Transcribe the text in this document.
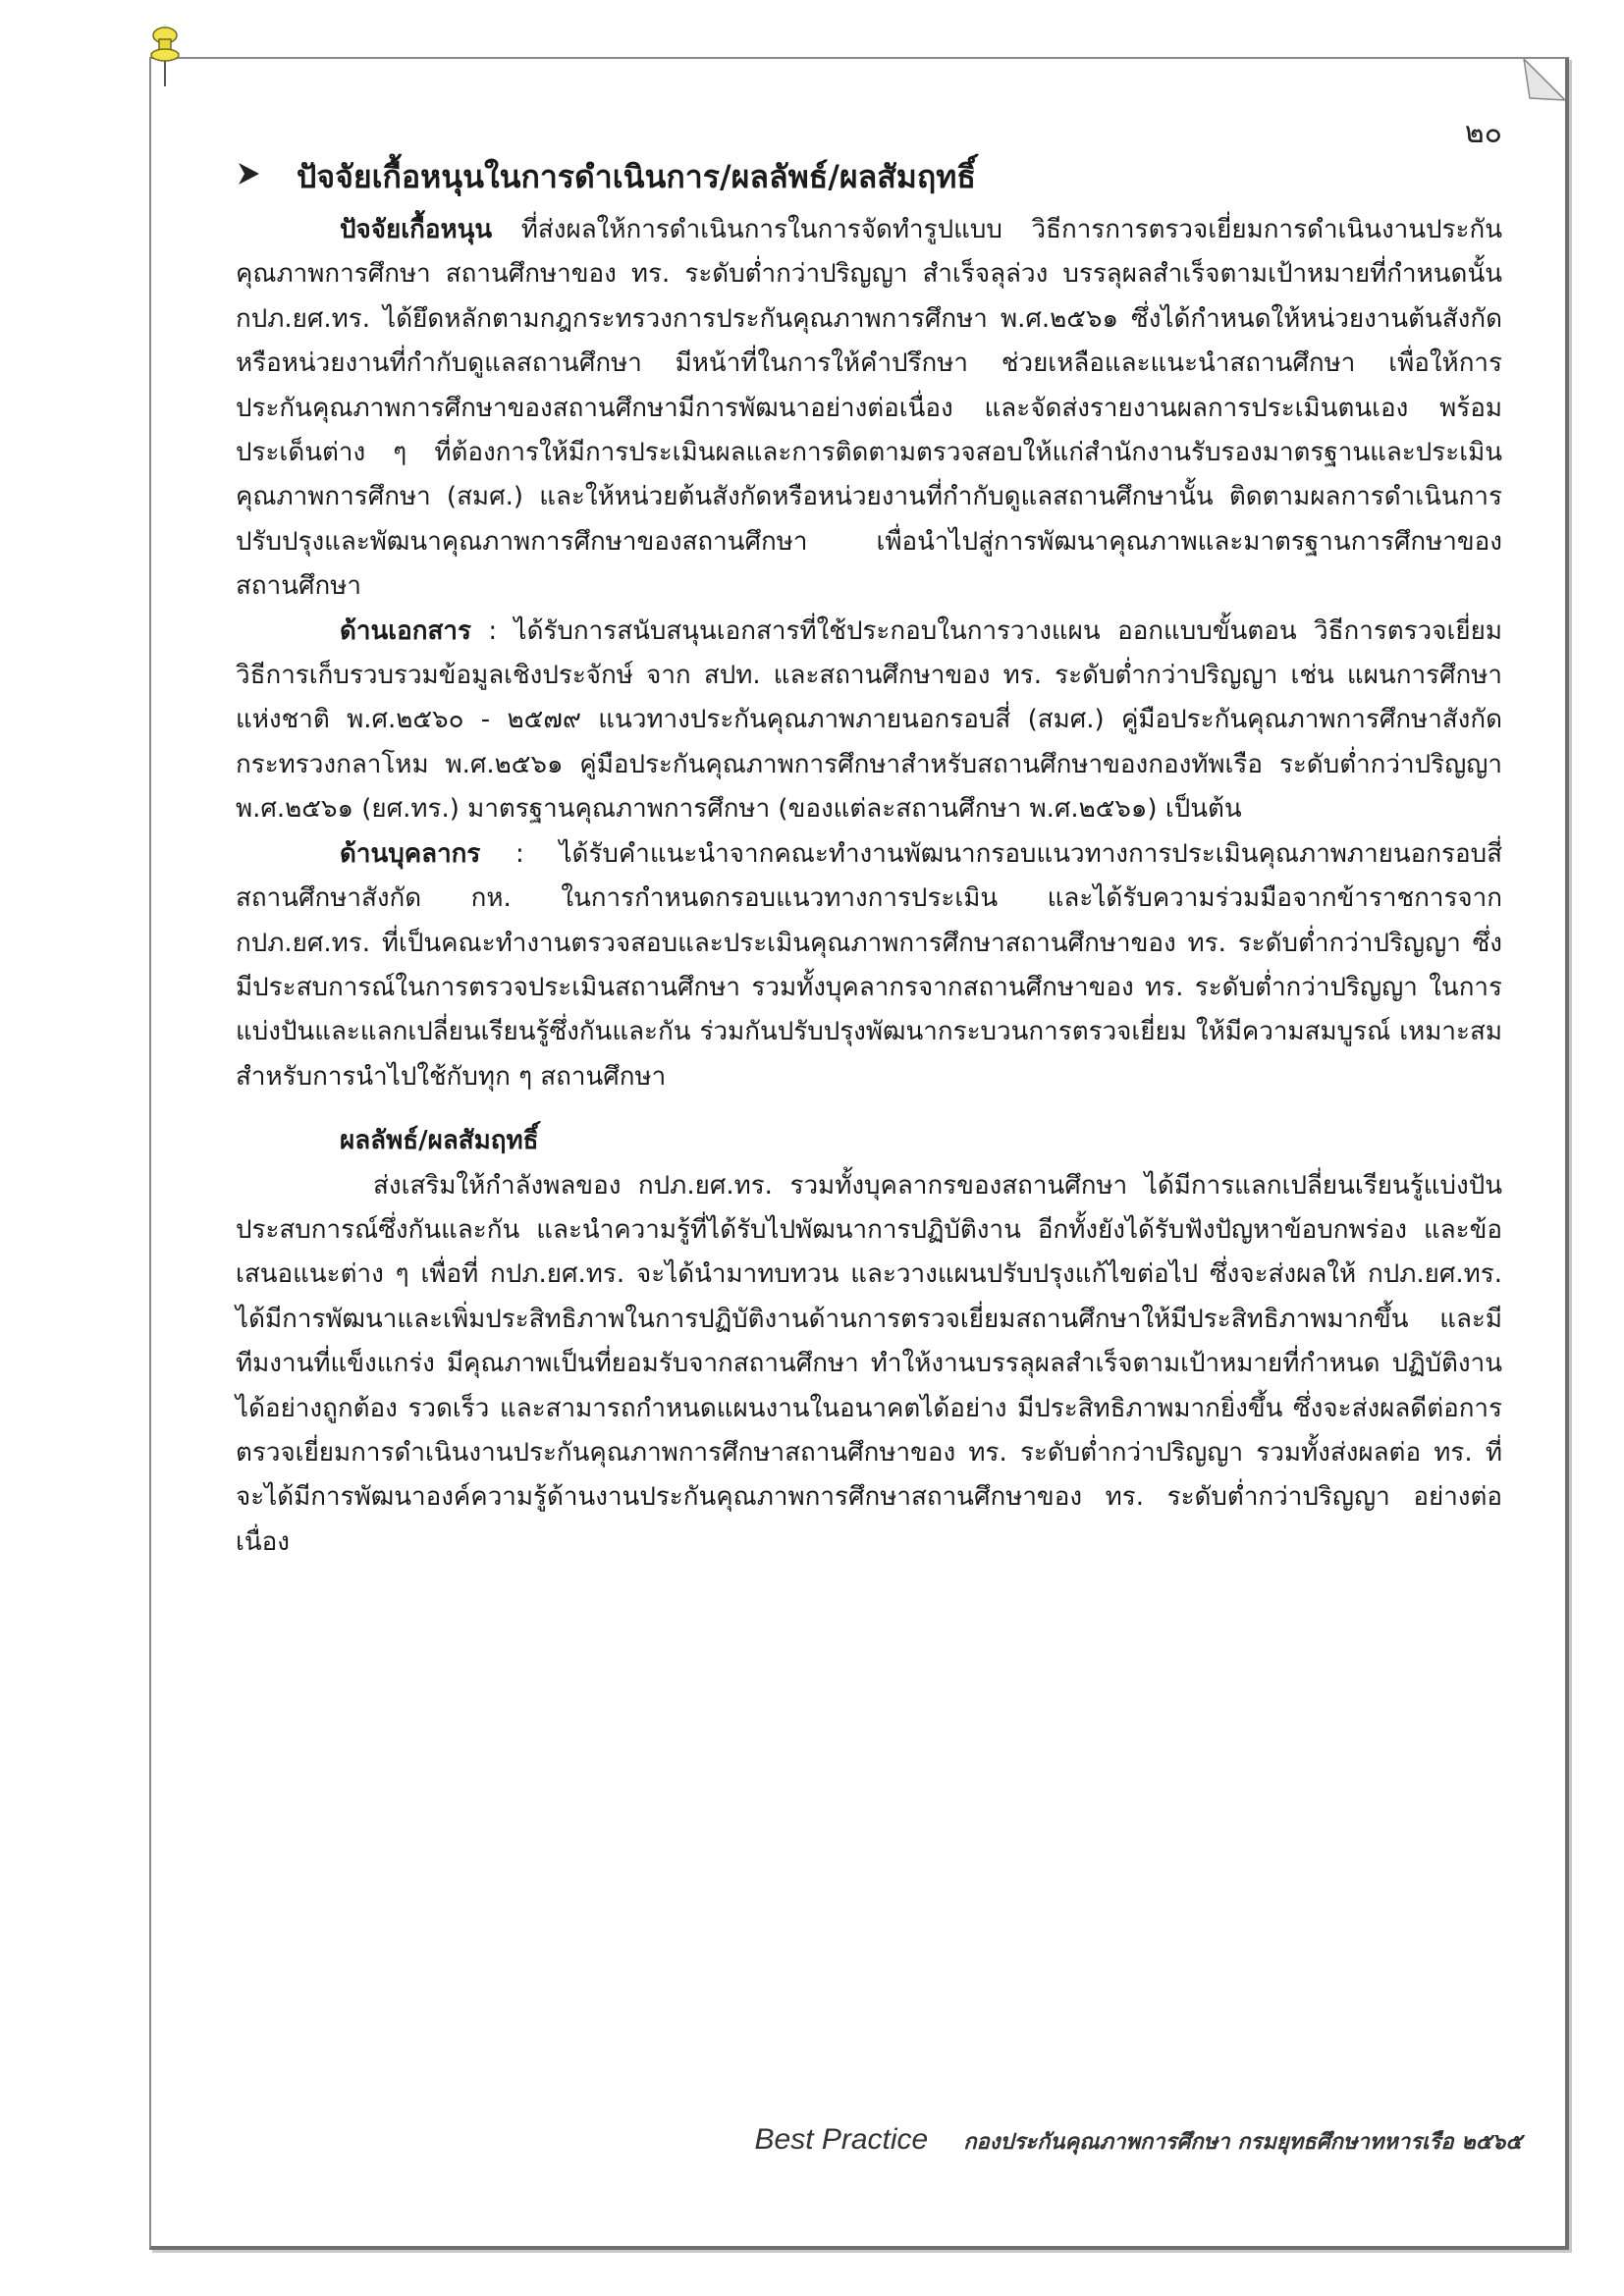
๒๐
ปัจจัยเกื้อหนุนในการดำเนินการ/ผลลัพธ์/ผลสัมฤทธิ์

ปัจจัยเกื้อหนุน ที่ส่งผลให้การดำเนินการในการจัดทำรูปแบบ วิธีการการตรวจเยี่ยมการดำเนินงานประกันคุณภาพการศึกษา สถานศึกษาของ ทร. ระดับต่ำกว่าปริญญา สำเร็จลุล่วง บรรลุผลสำเร็จตามเป้าหมายที่กำหนดนั้น กปภ.ยศ.ทร. ได้ยึดหลักตามกฎกระทรวงการประกันคุณภาพการศึกษา พ.ศ.๒๕๖๑ ซึ่งได้กำหนดให้หน่วยงานต้นสังกัดหรือหน่วยงานที่กำกับดูแลสถานศึกษา มีหน้าที่ในการให้คำปรึกษา ช่วยเหลือและแนะนำสถานศึกษา เพื่อให้การประกันคุณภาพการศึกษาของสถานศึกษามีการพัฒนาอย่างต่อเนื่อง และจัดส่งรายงานผลการประเมินตนเอง พร้อมประเด็นต่าง ๆ ที่ต้องการให้มีการประเมินผลและการติดตามตรวจสอบให้แก่สำนักงานรับรองมาตรฐานและประเมินคุณภาพการศึกษา (สมศ.) และให้หน่วยต้นสังกัดหรือหน่วยงานที่กำกับดูแลสถานศึกษานั้น ติดตามผลการดำเนินการปรับปรุงและพัฒนาคุณภาพการศึกษาของสถานศึกษา เพื่อนำไปสู่การพัฒนาคุณภาพและมาตรฐานการศึกษาของสถานศึกษา

ด้านเอกสาร : ได้รับการสนับสนุนเอกสารที่ใช้ประกอบในการวางแผน ออกแบบขั้นตอน วิธีการตรวจเยี่ยม วิธีการเก็บรวบรวมข้อมูลเชิงประจักษ์ จาก สปท. และสถานศึกษาของ ทร. ระดับต่ำกว่าปริญญา เช่น แผนการศึกษาแห่งชาติ พ.ศ.๒๕๖๐ - ๒๕๗๙ แนวทางประกันคุณภาพภายนอกรอบสี่ (สมศ.) คู่มือประกันคุณภาพการศึกษาสังกัดกระทรวงกลาโหม พ.ศ.๒๕๖๑ คู่มือประกันคุณภาพการศึกษาสำหรับสถานศึกษาของกองทัพเรือ ระดับต่ำกว่าปริญญา พ.ศ.๒๕๖๑ (ยศ.ทร.) มาตรฐานคุณภาพการศึกษา (ของแต่ละสถานศึกษา พ.ศ.๒๕๖๑) เป็นต้น

ด้านบุคลากร : ได้รับคำแนะนำจากคณะทำงานพัฒนากรอบแนวทางการประเมินคุณภาพภายนอกรอบสี่ สถานศึกษาสังกัด กห. ในการกำหนดกรอบแนวทางการประเมิน และได้รับความร่วมมือจากข้าราชการจาก กปภ.ยศ.ทร. ที่เป็นคณะทำงานตรวจสอบและประเมินคุณภาพการศึกษาสถานศึกษาของ ทร. ระดับต่ำกว่าปริญญา ซึ่งมีประสบการณ์ในการตรวจประเมินสถานศึกษา รวมทั้งบุคลากรจากสถานศึกษาของ ทร. ระดับต่ำกว่าปริญญา ในการแบ่งปันและแลกเปลี่ยนเรียนรู้ซึ่งกันและกัน ร่วมกันปรับปรุงพัฒนากระบวนการตรวจเยี่ยม ให้มีความสมบูรณ์ เหมาะสมสำหรับการนำไปใช้กับทุก ๆ สถานศึกษา

ผลลัพธ์/ผลสัมฤทธิ์

ส่งเสริมให้กำลังพลของ กปภ.ยศ.ทร. รวมทั้งบุคลากรของสถานศึกษา ได้มีการแลกเปลี่ยนเรียนรู้แบ่งปันประสบการณ์ซึ่งกันและกัน และนำความรู้ที่ได้รับไปพัฒนาการปฏิบัติงาน อีกทั้งยังได้รับฟังปัญหาข้อบกพร่อง และข้อเสนอแนะต่าง ๆ เพื่อที่ กปภ.ยศ.ทร. จะได้นำมาทบทวน และวางแผนปรับปรุงแก้ไขต่อไป ซึ่งจะส่งผลให้ กปภ.ยศ.ทร. ได้มีการพัฒนาและเพิ่มประสิทธิภาพในการปฏิบัติงานด้านการตรวจเยี่ยมสถานศึกษาให้มีประสิทธิภาพมากขึ้น และมีทีมงานที่แข็งแกร่ง มีคุณภาพเป็นที่ยอมรับจากสถานศึกษา ทำให้งานบรรลุผลสำเร็จตามเป้าหมายที่กำหนด ปฏิบัติงานได้อย่างถูกต้อง รวดเร็ว และสามารถกำหนดแผนงานในอนาคตได้อย่าง มีประสิทธิภาพมากยิ่งขึ้น ซึ่งจะส่งผลดีต่อการตรวจเยี่ยมการดำเนินงานประกันคุณภาพการศึกษาสถานศึกษาของ ทร. ระดับต่ำกว่าปริญญา รวมทั้งส่งผลต่อ ทร. ที่จะได้มีการพัฒนาองค์ความรู้ด้านงานประกันคุณภาพการศึกษาสถานศึกษาของ ทร. ระดับต่ำกว่าปริญญา อย่างต่อเนื่อง

Best Practice กองประกันคุณภาพการศึกษา กรมยุทธศึกษาทหารเรือ ๒๕๖๕
